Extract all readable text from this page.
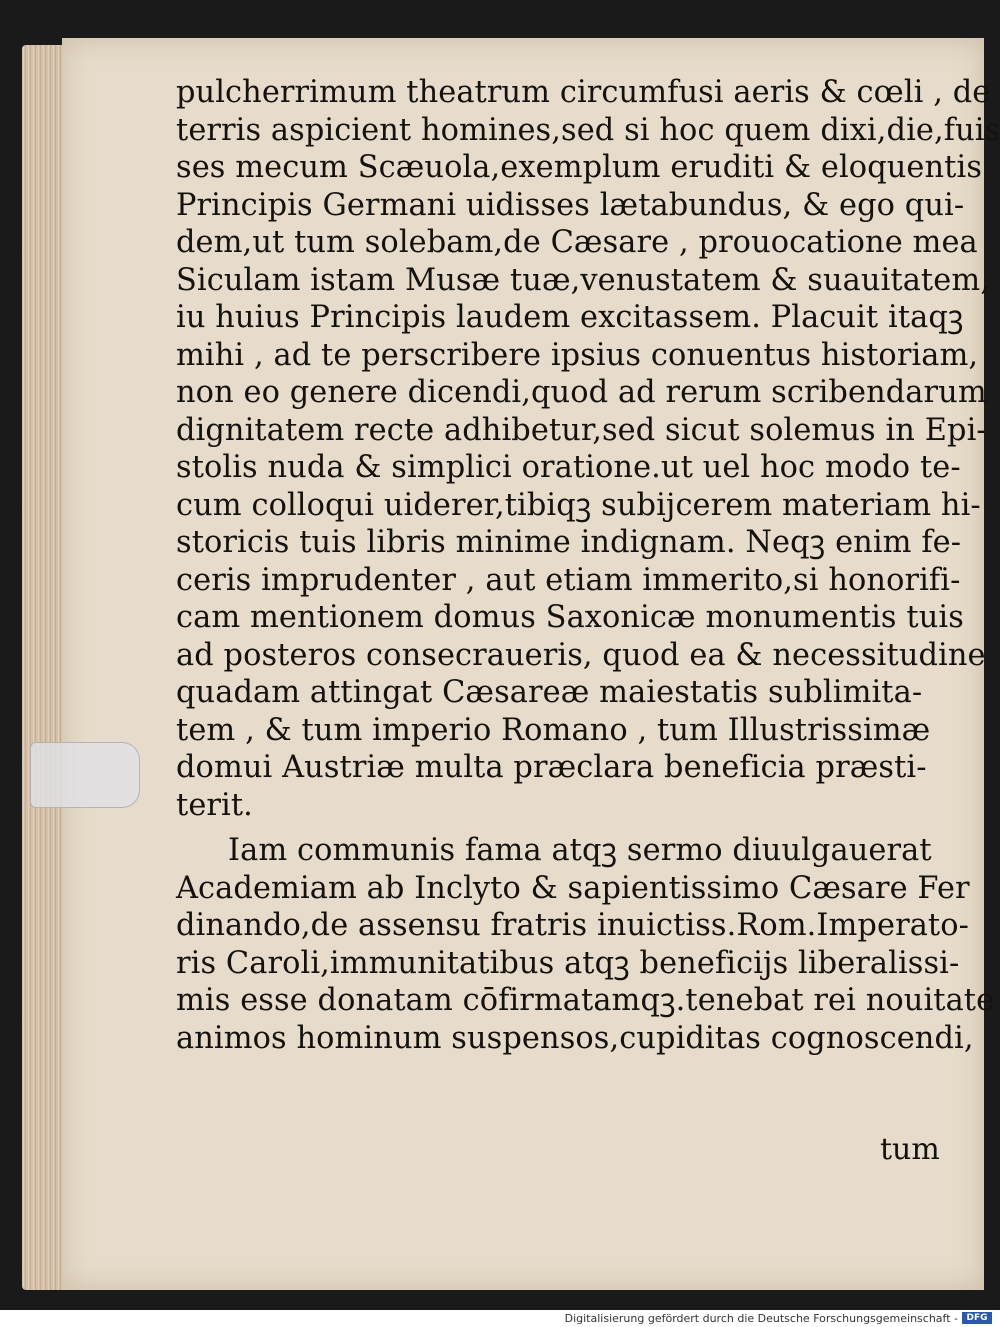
pulcherrimum theatrum circumfusi aeris & cœli , de
terris aspicient homines,sed si hoc quem dixi,die,fuis
ses mecum Scæuola,exemplum eruditi & eloquentis
Principis Germani uidisses lætabundus, & ego qui-
dem,ut tum solebam,de Cæsare , prouocatione mea
Siculam istam Musæ tuæ,venustatem & suauitatem,
iu huius Principis laudem excitassem. Placuit itaqꝫ
mihi , ad te perscribere ipsius conuentus historiam,
non eo genere dicendi,quod ad rerum scribendarum
dignitatem recte adhibetur,sed sicut solemus in Epi-
stolis nuda & simplici oratione.ut uel hoc modo te-
cum colloqui uiderer,tibiqꝫ subijcerem materiam hi-
storicis tuis libris minime indignam. Neqꝫ enim fe-
ceris imprudenter , aut etiam immerito,si honorifi-
cam mentionem domus Saxonicæ monumentis tuis
ad posteros consecraueris, quod ea & necessitudine
quadam attingat Cæsareæ maiestatis sublimita-
tem , & tum imperio Romano , tum Illustrissimæ
domui Austriæ multa præclara beneficia præsti-
terit.
Iam communis fama atqꝫ sermo diuulgauerat
Academiam ab Inclyto & sapientissimo Cæsare Fer
dinando,de assensu fratris inuictiss.Rom.Imperato-
ris Caroli,immunitatibus atqꝫ beneficijs liberalissi-
mis esse donatam cōfirmatamqꝫ.tenebat rei nouitate
animos hominum suspensos,cupiditas cognoscendi,
tum
Digitalisierung gefördert durch die Deutsche Forschungsgemeinschaft - DFG
